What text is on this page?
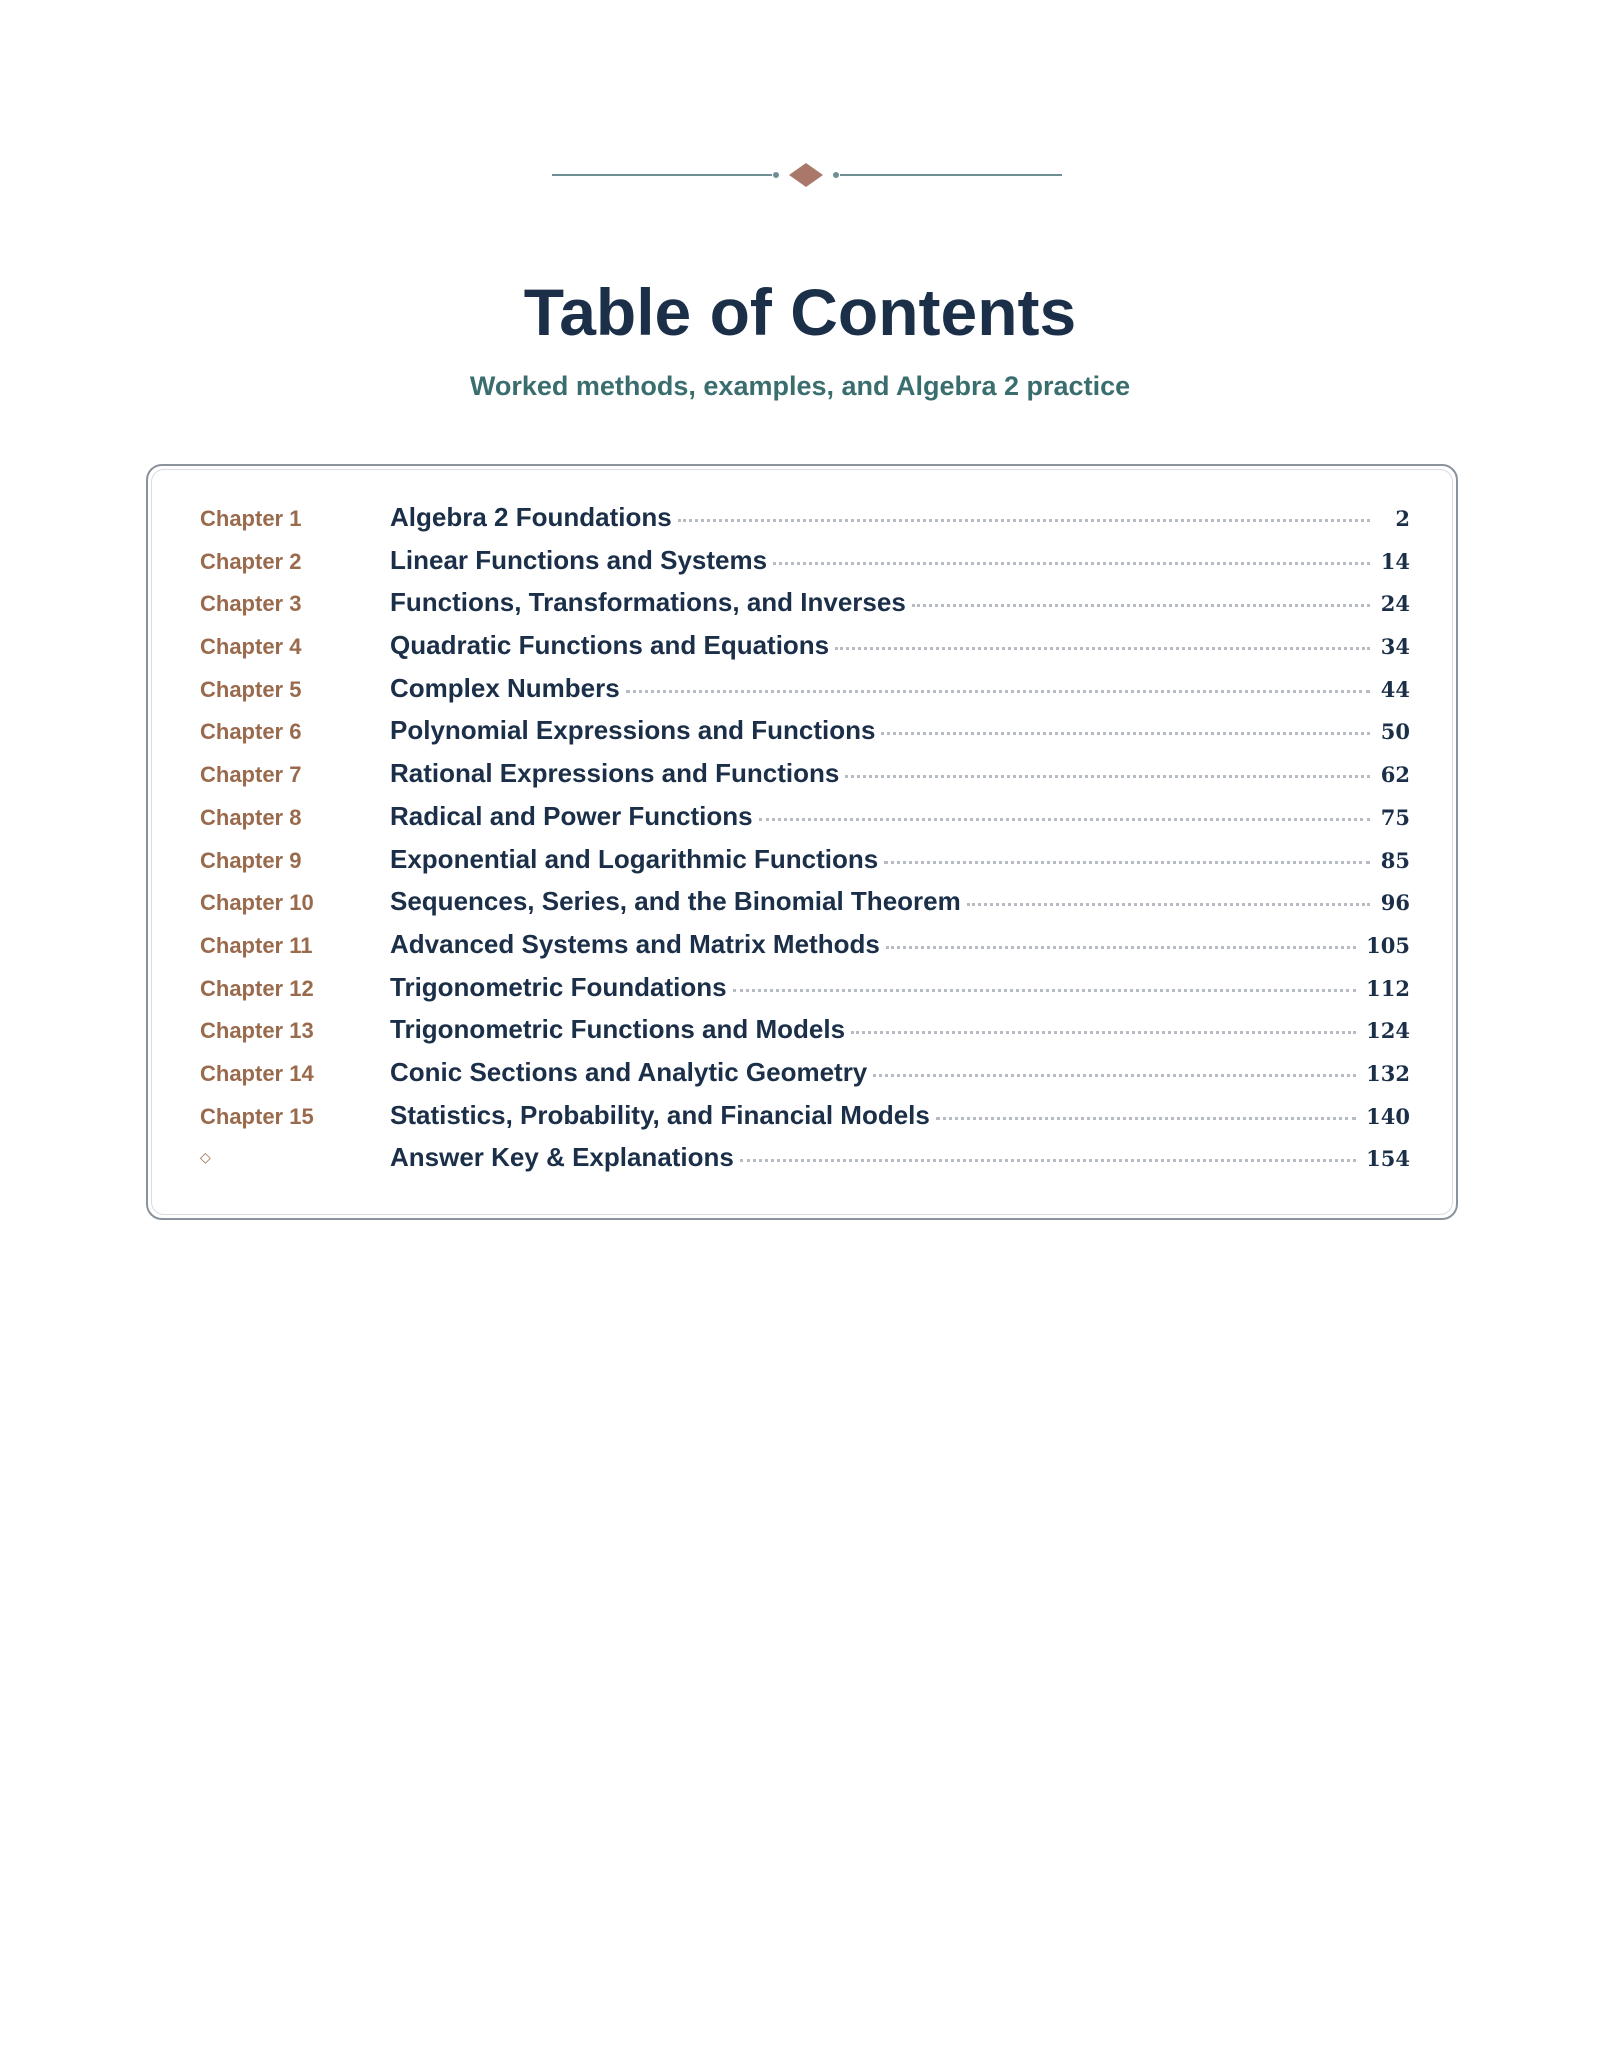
Table of Contents
Worked methods, examples, and Algebra 2 practice
Chapter 1	Algebra 2 Foundations	2
Chapter 2	Linear Functions and Systems	14
Chapter 3	Functions, Transformations, and Inverses	24
Chapter 4	Quadratic Functions and Equations	34
Chapter 5	Complex Numbers	44
Chapter 6	Polynomial Expressions and Functions	50
Chapter 7	Rational Expressions and Functions	62
Chapter 8	Radical and Power Functions	75
Chapter 9	Exponential and Logarithmic Functions	85
Chapter 10	Sequences, Series, and the Binomial Theorem	96
Chapter 11	Advanced Systems and Matrix Methods	105
Chapter 12	Trigonometric Foundations	112
Chapter 13	Trigonometric Functions and Models	124
Chapter 14	Conic Sections and Analytic Geometry	132
Chapter 15	Statistics, Probability, and Financial Models	140
◇	Answer Key & Explanations	154
